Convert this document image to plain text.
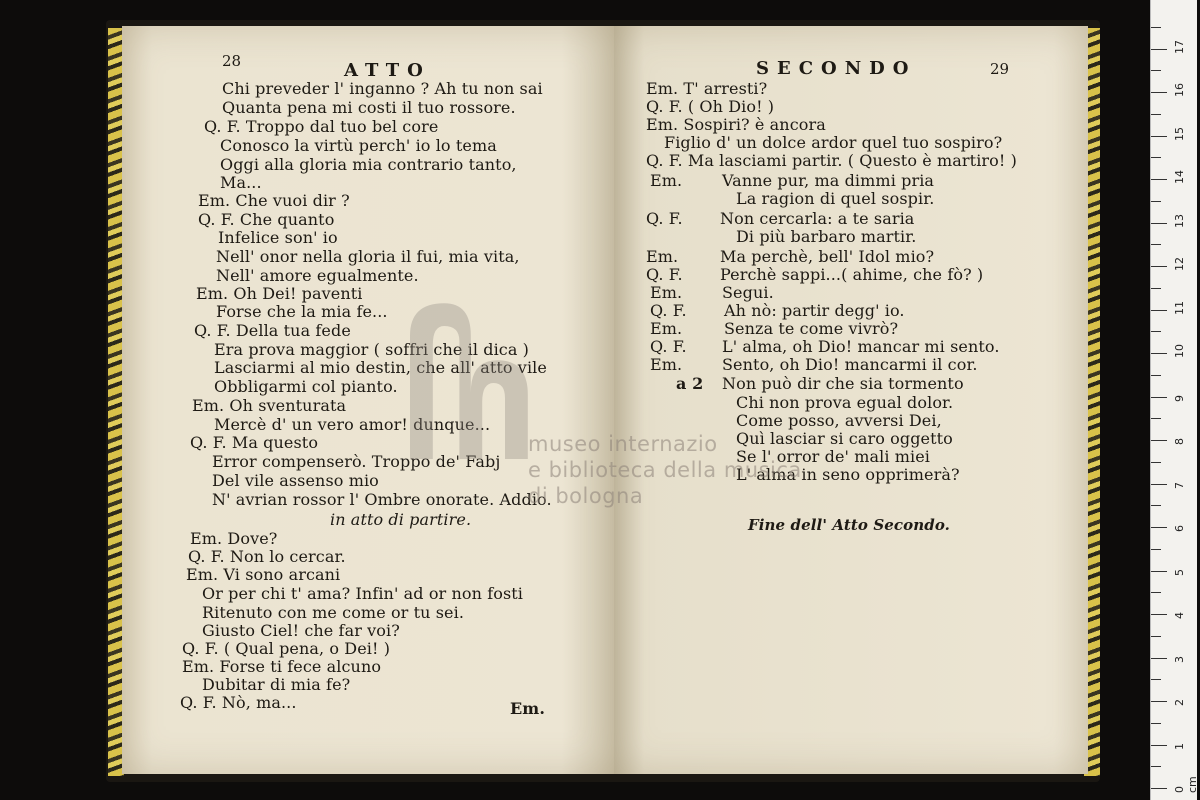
28	ATTO
Chi preveder l' inganno ? Ah tu non sai
Quanta pena mi costi il tuo rossore.
Q. F. Troppo dal tuo bel core
Conosco la virtù perch' io lo tema
Oggi alla gloria mia contrario tanto,
Ma...
Em. Che vuoi dir ?
Q. F. Che quanto
Infelice son' io
Nell' onor nella gloria il fui, mia vita,
Nell' amore egualmente.
Em. Oh Dei! paventi
Forse che la mia fe...
Q. F. Della tua fede
Era prova maggior ( soffri che il dica )
Lasciarmi al mio destin, che all' atto vile
Obbligarmi col pianto.
Em. Oh sventurata
Mercè d' un vero amor! dunque...
Q. F. Ma questo
Error compenserò. Troppo de' Fabj
Del vile assenso mio
N' avrian rossor l' Ombre onorate. Addio.
in atto di partire.
Em. Dove?
Q. F. Non lo cercar.
Em. Vi sono arcani
Or per chi t' ama? Infin' ad or non fosti
Ritenuto con me come or tu sei.
Giusto Ciel! che far voi?
Q. F. ( Qual pena, o Dei! )
Em. Forse ti fece alcuno
Dubitar di mia fe?
Q. F. Nò, ma...	Em.
SECONDO	29
Em. T' arresti?
Q. F. ( Oh Dio! )
Em. Sospiri? è ancora
Figlio d' un dolce ardor quel tuo sospiro?
Q. F. Ma lasciami partir. ( Questo è martiro! )
Em. Vanne pur, ma dimmi pria
La ragion di quel sospir.
Q. F. Non cercarla: a te saria
Di più barbaro martir.
Em.	Ma perchè, bell' Idol mio?
Q. F. Perchè sappi...( ahime, che fò? )
Em. Segui.
Q. F. Ah nò: partir degg' io.
Em.	Senza te come vivrò?
Q. F. L' alma, oh Dio! mancar mi sento.
Em. Sento, oh Dio! mancarmi il cor.
a 2 Non può dir che sia tormento
Chi non prova egual dolor.
Come posso, avversi Dei,
Quì lasciar si caro oggetto
Se l' orror de' mali miei
L' alma in seno opprimerà?
Fine dell' Atto Secondo.
museo internazio
e biblioteca della musica
di bologna
0 cm
1
2
3
4
5
6
7
8
9
10
11
12
13
14
15
16
17
